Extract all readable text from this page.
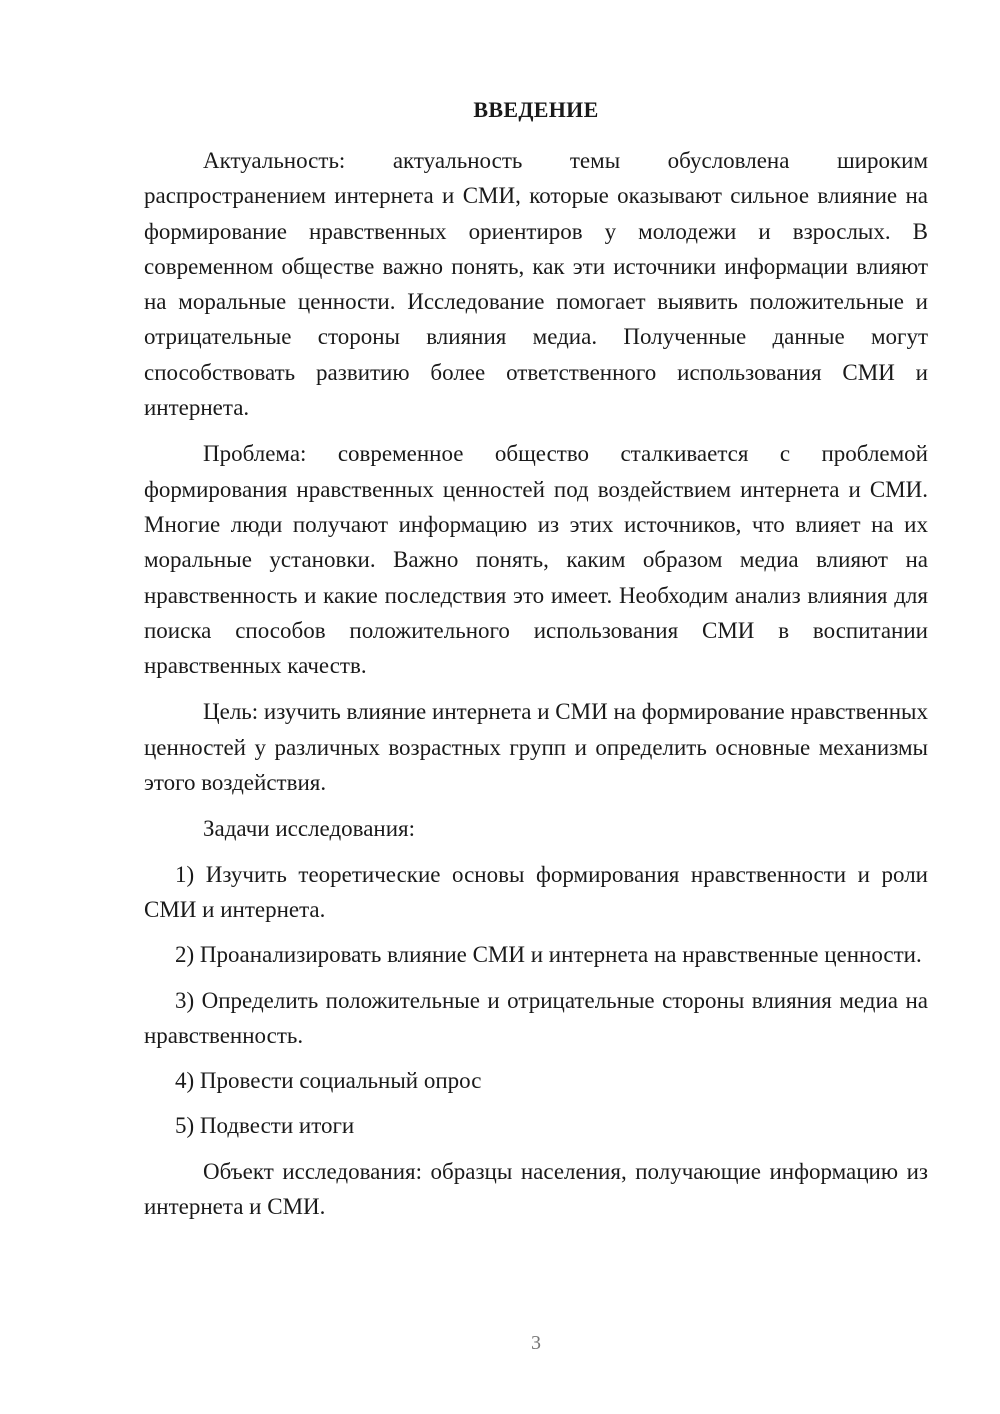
ВВЕДЕНИЕ

Актуальность: актуальность темы обусловлена широким распространением интернета и СМИ, которые оказывают сильное влияние на формирование нравственных ориентиров у молодежи и взрослых. В современном обществе важно понять, как эти источники информации влияют на моральные ценности. Исследование помогает выявить положительные и отрицательные стороны влияния медиа. Полученные данные могут способствовать развитию более ответственного использования СМИ и интернета.

Проблема: современное общество сталкивается с проблемой формирования нравственных ценностей под воздействием интернета и СМИ. Многие люди получают информацию из этих источников, что влияет на их моральные установки. Важно понять, каким образом медиа влияют на нравственность и какие последствия это имеет. Необходим анализ влияния для поиска способов положительного использования СМИ в воспитании нравственных качеств.

Цель: изучить влияние интернета и СМИ на формирование нравственных ценностей у различных возрастных групп и определить основные механизмы этого воздействия.

Задачи исследования:

1) Изучить теоретические основы формирования нравственности и роли СМИ и интернета.

2) Проанализировать влияние СМИ и интернета на нравственные ценности.

3) Определить положительные и отрицательные стороны влияния медиа на нравственность.

4) Провести социальный опрос

5) Подвести итоги

Объект исследования: образцы населения, получающие информацию из интернета и СМИ.

3
